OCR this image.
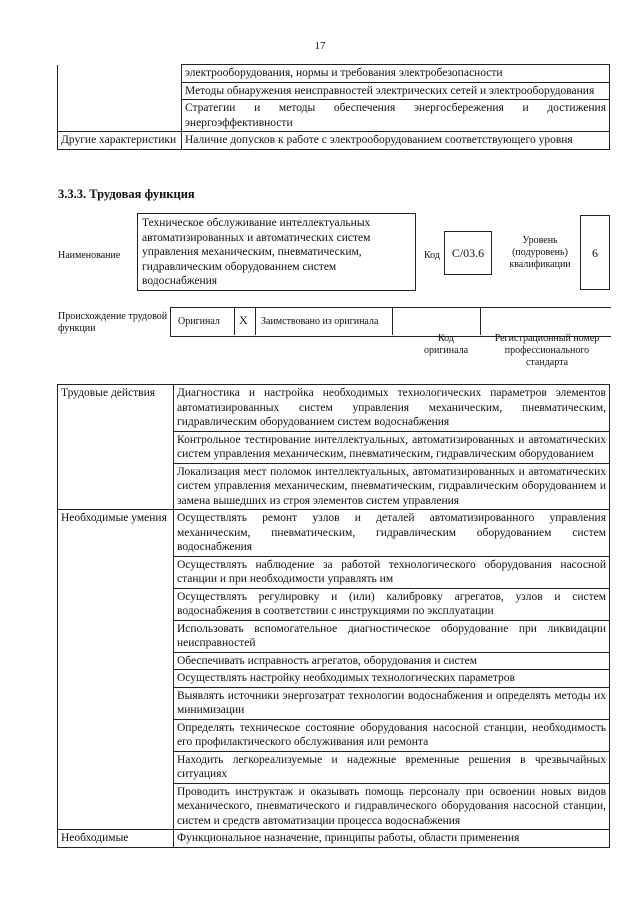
17
	электрооборудования, нормы и требования электробезопасности
	Методы обнаружения неисправностей электрических сетей и электрооборудования
	Стратегии и методы обеспечения энергосбережения и достижения энергоэффективности
Другие характеристики	Наличие допусков к работе с электрооборудованием соответствующего уровня
3.3.3. Трудовая функция
Наименование
Техническое обслуживание интеллектуальных автоматизированных и автоматических систем управления механическим, пневматическим, гидравлическим оборудованием систем водоснабжения
Код C/03.6
Уровень (подуровень) квалификации
6
Происхождение трудовой функции
Оригинал X Заимствовано из оригинала
Код оригинала
Регистрационный номер профессионального стандарта
Трудовые действия	Диагностика и настройка необходимых технологических параметров элементов автоматизированных систем управления механическим, пневматическим, гидравлическим оборудованием систем водоснабжения
	Контрольное тестирование интеллектуальных, автоматизированных и автоматических систем управления механическим, пневматическим, гидравлическим оборудованием
	Локализация мест поломок интеллектуальных, автоматизированных и автоматических систем управления механическим, пневматическим, гидравлическим оборудованием и замена вышедших из строя элементов систем управления
Необходимые умения	Осуществлять ремонт узлов и деталей автоматизированного управления механическим, пневматическим, гидравлическим оборудованием систем водоснабжения
	Осуществлять наблюдение за работой технологического оборудования насосной станции и при необходимости управлять им
	Осуществлять регулировку и (или) калибровку агрегатов, узлов и систем водоснабжения в соответствии с инструкциями по эксплуатации
	Использовать вспомогательное диагностическое оборудование при ликвидации неисправностей
	Обеспечивать исправность агрегатов, оборудования и систем
	Осуществлять настройку необходимых технологических параметров
	Выявлять источники энергозатрат технологии водоснабжения и определять методы их минимизации
	Определять техническое состояние оборудования насосной станции, необходимость его профилактического обслуживания или ремонта
	Находить легкореализуемые и надежные временные решения в чрезвычайных ситуациях
	Проводить инструктаж и оказывать помощь персоналу при освоении новых видов механического, пневматического и гидравлического оборудования насосной станции, систем и средств автоматизации процесса водоснабжения
Необходимые	Функциональное назначение, принципы работы, области применения
